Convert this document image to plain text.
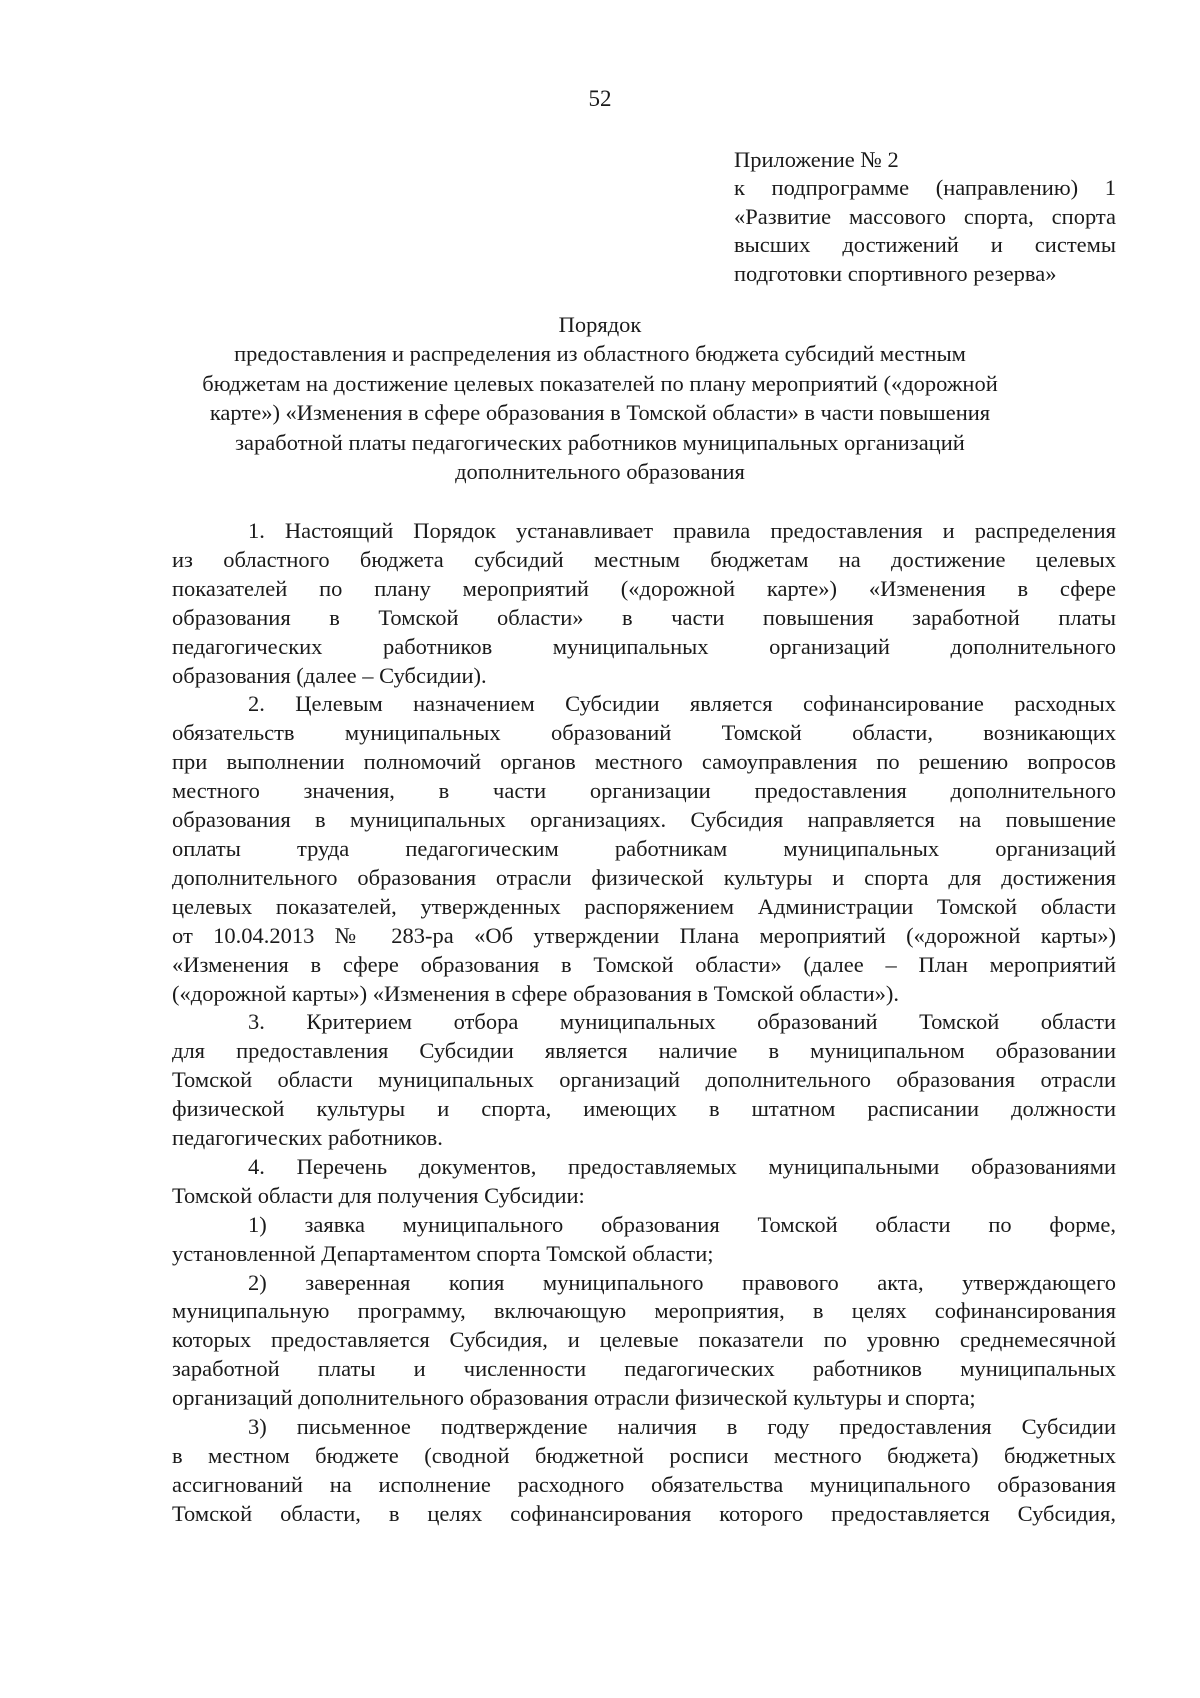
52
Приложение № 2
к подпрограмме (направлению) 1
«Развитие массового спорта, спорта
высших достижений и системы
подготовки спортивного резерва»
Порядок
предоставления и распределения из областного бюджета субсидий местным
бюджетам на достижение целевых показателей по плану мероприятий («дорожной
карте») «Изменения в сфере образования в Томской области» в части повышения
заработной платы педагогических работников муниципальных организаций
дополнительного образования
1. Настоящий Порядок устанавливает правила предоставления и распределения
из областного бюджета субсидий местным бюджетам на достижение целевых
показателей по плану мероприятий («дорожной карте») «Изменения в сфере
образования в Томской области» в части повышения заработной платы
педагогических работников муниципальных организаций дополнительного
образования (далее – Субсидии).
2. Целевым назначением Субсидии является софинансирование расходных
обязательств муниципальных образований Томской области, возникающих
при выполнении полномочий органов местного самоуправления по решению вопросов
местного значения, в части организации предоставления дополнительного
образования в муниципальных организациях. Субсидия направляется на повышение
оплаты труда педагогическим работникам муниципальных организаций
дополнительного образования отрасли физической культуры и спорта для достижения
целевых показателей, утвержденных распоряжением Администрации Томской области
от 10.04.2013 № 283-ра «Об утверждении Плана мероприятий («дорожной карты»)
«Изменения в сфере образования в Томской области» (далее – План мероприятий
(«дорожной карты») «Изменения в сфере образования в Томской области»).
3. Критерием отбора муниципальных образований Томской области
для предоставления Субсидии является наличие в муниципальном образовании
Томской области муниципальных организаций дополнительного образования отрасли
физической культуры и спорта, имеющих в штатном расписании должности
педагогических работников.
4. Перечень документов, предоставляемых муниципальными образованиями
Томской области для получения Субсидии:
1) заявка муниципального образования Томской области по форме,
установленной Департаментом спорта Томской области;
2) заверенная копия муниципального правового акта, утверждающего
муниципальную программу, включающую мероприятия, в целях софинансирования
которых предоставляется Субсидия, и целевые показатели по уровню среднемесячной
заработной платы и численности педагогических работников муниципальных
организаций дополнительного образования отрасли физической культуры и спорта;
3) письменное подтверждение наличия в году предоставления Субсидии
в местном бюджете (сводной бюджетной росписи местного бюджета) бюджетных
ассигнований на исполнение расходного обязательства муниципального образования
Томской области, в целях софинансирования которого предоставляется Субсидия,
